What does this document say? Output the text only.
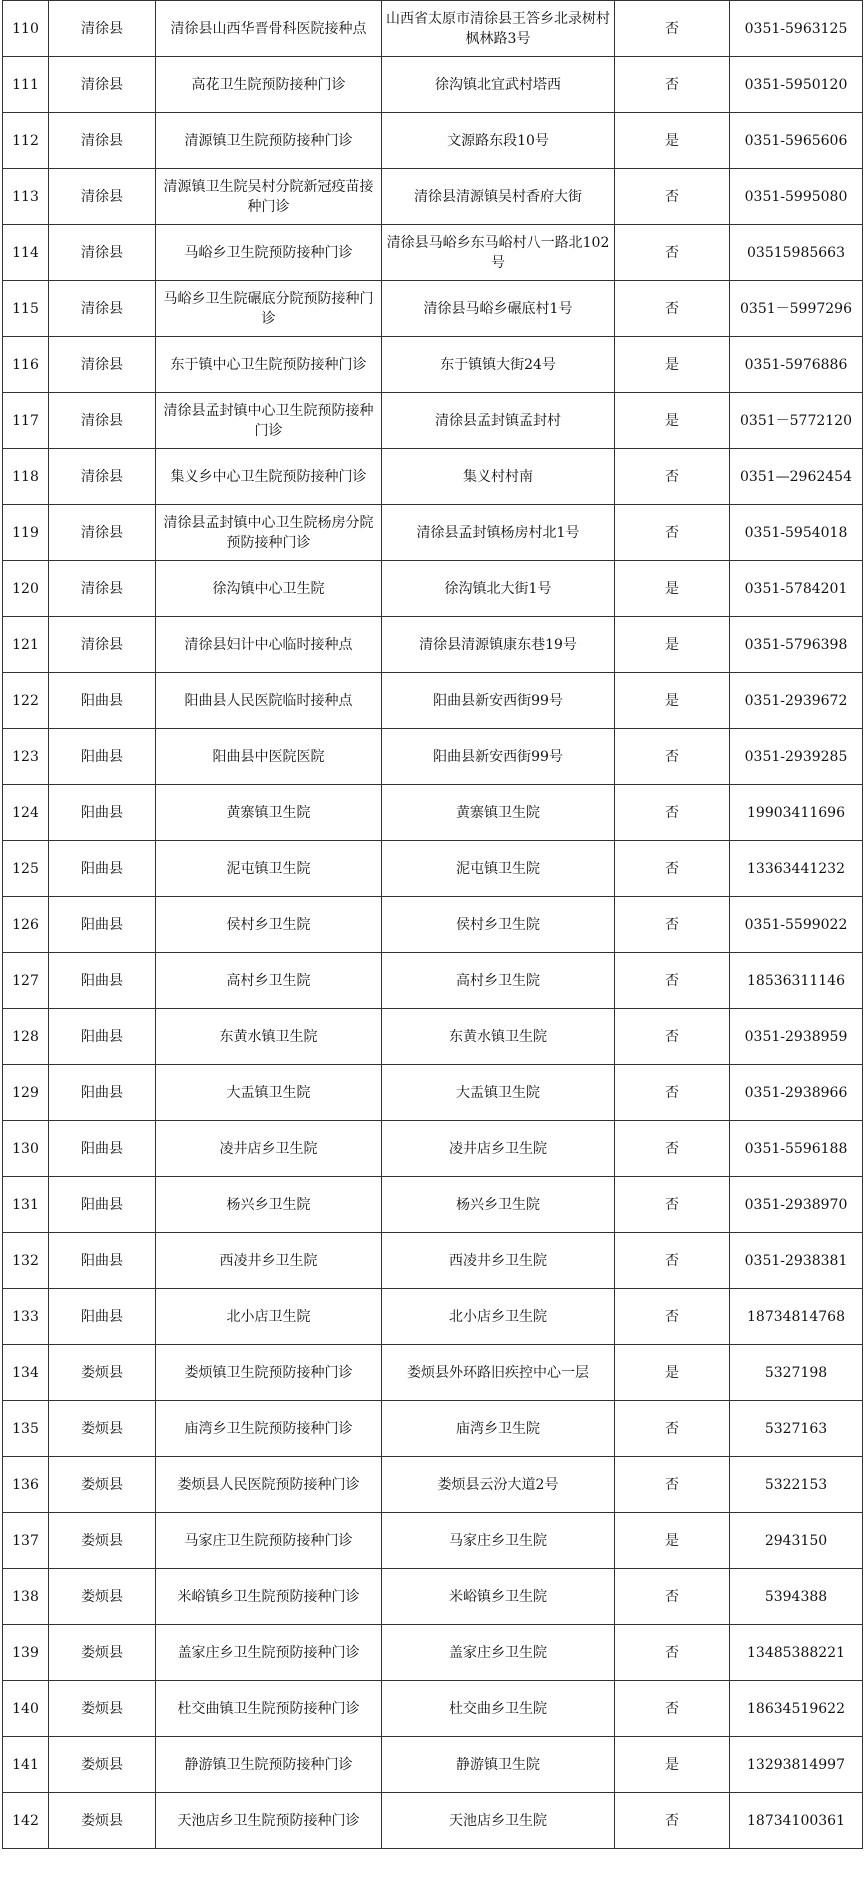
110	清徐县	清徐县山西华晋骨科医院接种点	山西省太原市清徐县王答乡北录树村枫林路3号	否	0351-5963125
111	清徐县	高花卫生院预防接种门诊	徐沟镇北宜武村塔西	否	0351-5950120
112	清徐县	清源镇卫生院预防接种门诊	文源路东段10号	是	0351-5965606
113	清徐县	清源镇卫生院吴村分院新冠疫苗接种门诊	清徐县清源镇吴村香府大街	否	0351-5995080
114	清徐县	马峪乡卫生院预防接种门诊	清徐县马峪乡东马峪村八一路北102号	否	03515985663
115	清徐县	马峪乡卫生院碾底分院预防接种门诊	清徐县马峪乡碾底村1号	否	0351－5997296
116	清徐县	东于镇中心卫生院预防接种门诊	东于镇镇大街24号	是	0351-5976886
117	清徐县	清徐县孟封镇中心卫生院预防接种门诊	清徐县孟封镇孟封村	是	0351－5772120
118	清徐县	集义乡中心卫生院预防接种门诊	集义村村南	否	0351—2962454
119	清徐县	清徐县孟封镇中心卫生院杨房分院预防接种门诊	清徐县孟封镇杨房村北1号	否	0351-5954018
120	清徐县	徐沟镇中心卫生院	徐沟镇北大街1号	是	0351-5784201
121	清徐县	清徐县妇计中心临时接种点	清徐县清源镇康东巷19号	是	0351-5796398
122	阳曲县	阳曲县人民医院临时接种点	阳曲县新安西街99号	是	0351-2939672
123	阳曲县	阳曲县中医院医院	阳曲县新安西街99号	否	0351-2939285
124	阳曲县	黄寨镇卫生院	黄寨镇卫生院	否	19903411696
125	阳曲县	泥屯镇卫生院	泥屯镇卫生院	否	13363441232
126	阳曲县	侯村乡卫生院	侯村乡卫生院	否	0351-5599022
127	阳曲县	高村乡卫生院	高村乡卫生院	否	18536311146
128	阳曲县	东黄水镇卫生院	东黄水镇卫生院	否	0351-2938959
129	阳曲县	大盂镇卫生院	大盂镇卫生院	否	0351-2938966
130	阳曲县	凌井店乡卫生院	凌井店乡卫生院	否	0351-5596188
131	阳曲县	杨兴乡卫生院	杨兴乡卫生院	否	0351-2938970
132	阳曲县	西凌井乡卫生院	西凌井乡卫生院	否	0351-2938381
133	阳曲县	北小店卫生院	北小店乡卫生院	否	18734814768
134	娄烦县	娄烦镇卫生院预防接种门诊	娄烦县外环路旧疾控中心一层	是	5327198
135	娄烦县	庙湾乡卫生院预防接种门诊	庙湾乡卫生院	否	5327163
136	娄烦县	娄烦县人民医院预防接种门诊	娄烦县云汾大道2号	否	5322153
137	娄烦县	马家庄卫生院预防接种门诊	马家庄乡卫生院	是	2943150
138	娄烦县	米峪镇乡卫生院预防接种门诊	米峪镇乡卫生院	否	5394388
139	娄烦县	盖家庄乡卫生院预防接种门诊	盖家庄乡卫生院	否	13485388221
140	娄烦县	杜交曲镇卫生院预防接种门诊	杜交曲乡卫生院	否	18634519622
141	娄烦县	静游镇卫生院预防接种门诊	静游镇卫生院	是	13293814997
142	娄烦县	天池店乡卫生院预防接种门诊	天池店乡卫生院	否	18734100361
